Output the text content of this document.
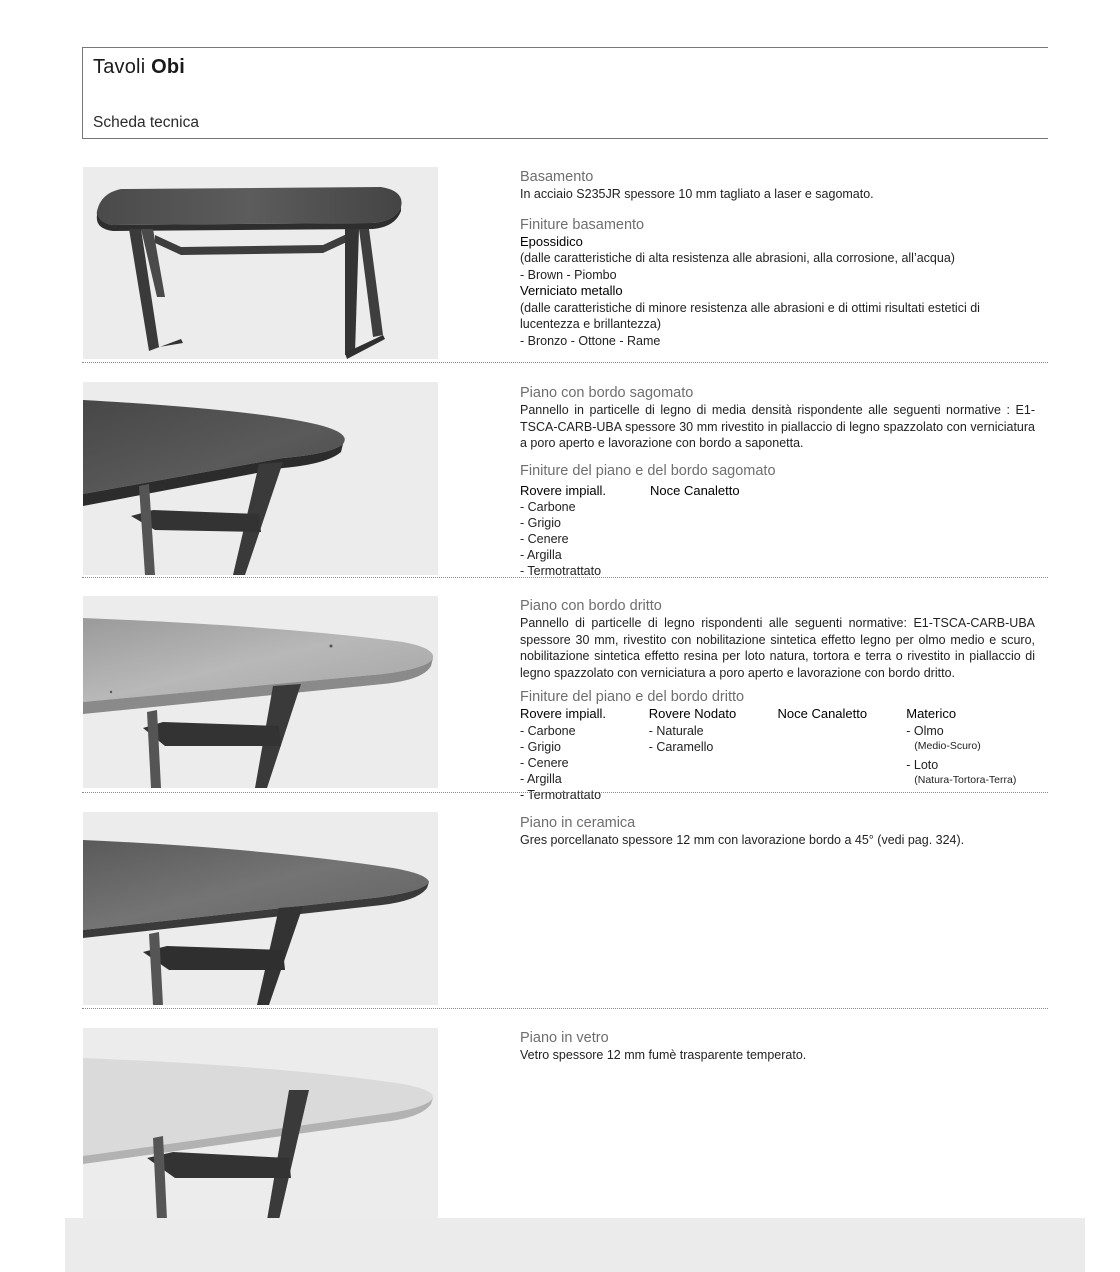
Tavoli Obi
Scheda tecnica
Basamento
In acciaio S235JR spessore 10 mm tagliato a laser e sagomato.
Finiture basamento
Epossidico
(dalle caratteristiche di alta resistenza alle abrasioni, alla corrosione, all’acqua)
- Brown - Piombo
Verniciato metallo
(dalle caratteristiche di minore resistenza alle abrasioni e di ottimi risultati estetici di lucentezza e brillantezza)
- Bronzo - Ottone - Rame
Piano con bordo sagomato
Pannello in particelle di legno di media densità rispondente alle seguenti normative : E1-TSCA-CARB-UBA spessore 30 mm rivestito in piallaccio di legno spazzolato con verniciatura a poro aperto e lavorazione con bordo a saponetta.
Finiture del piano e del bordo sagomato
Rovere impiall.
- Carbone
- Grigio
- Cenere
- Argilla
- Termotrattato
Noce Canaletto
Piano con bordo dritto
Pannello di particelle di legno rispondenti alle seguenti normative: E1-TSCA-CARB-UBA spessore 30 mm, rivestito con nobilitazione sintetica effetto legno per olmo medio e scuro, nobilitazione sintetica effetto resina per loto natura, tortora e terra o rivestito in piallaccio di legno spazzolato con verniciatura a poro aperto e lavorazione con bordo dritto.
Finiture del piano e del bordo dritto
Rovere impiall.
- Carbone
- Grigio
- Cenere
- Argilla
- Termotrattato
Rovere Nodato
- Naturale
- Caramello
Noce Canaletto	Materico
- Olmo
(Medio-Scuro)
- Loto
(Natura-Tortora-Terra)
Piano in ceramica
Gres porcellanato spessore 12 mm con lavorazione bordo a 45° (vedi pag. 324).
Piano in vetro
Vetro spessore 12 mm fumè trasparente temperato.
